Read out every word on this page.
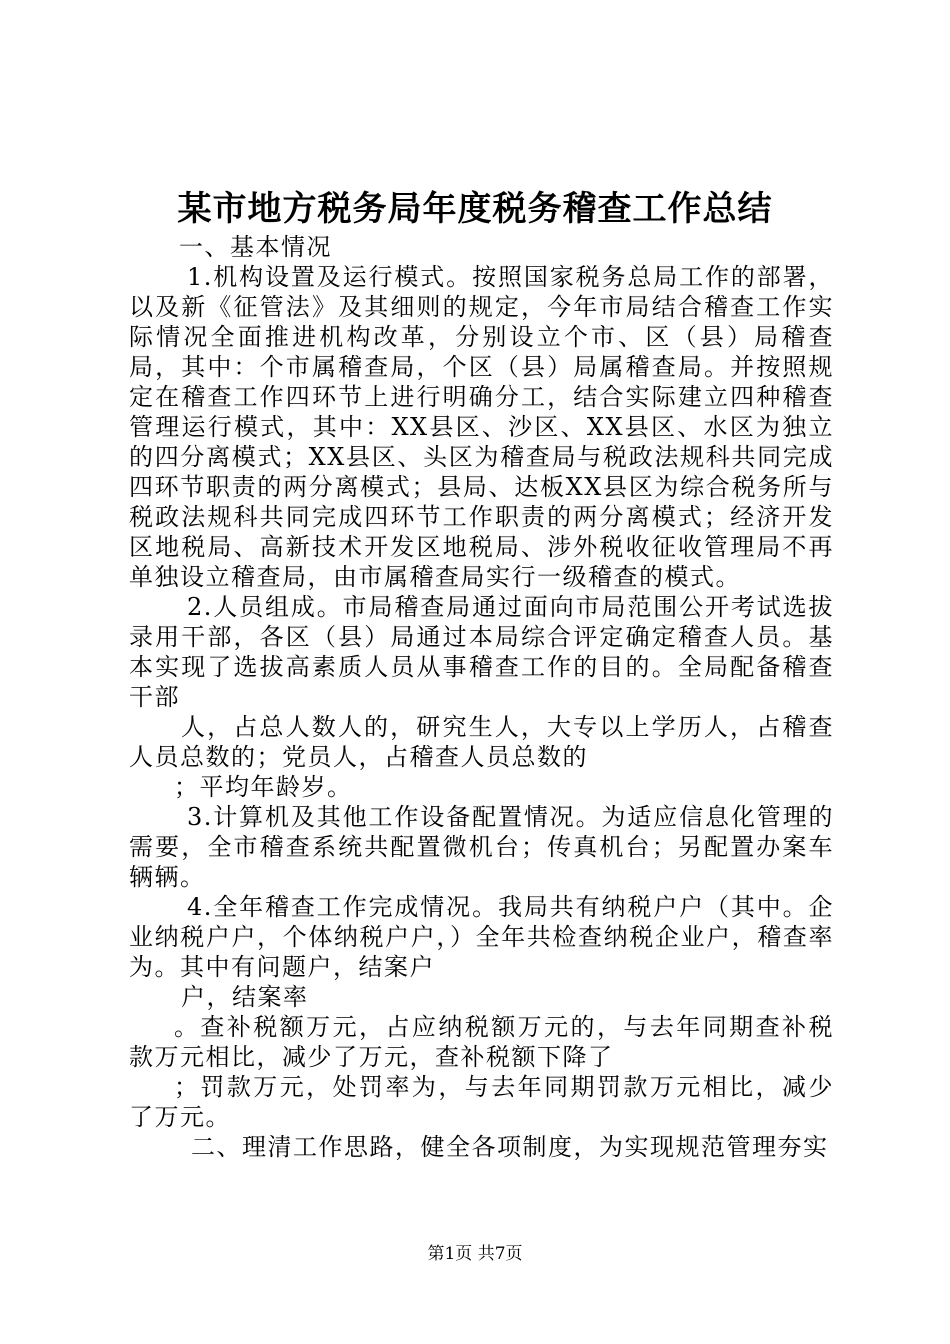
某市地方税务局年度税务稽查工作总结

一、基本情况

1.机构设置及运行模式。按照国家税务总局工作的部署，以及新《征管法》及其细则的规定，今年市局结合稽查工作实际情况全面推进机构改革，分别设立个市、区（县）局稽查局，其中：个市属稽查局，个区（县）局属稽查局。并按照规定在稽查工作四环节上进行明确分工，结合实际建立四种稽查管理运行模式，其中：XX县区、沙区、XX县区、水区为独立的四分离模式；XX县区、头区为稽查局与税政法规科共同完成四环节职责的两分离模式；县局、达板XX县区为综合税务所与税政法规科共同完成四环节工作职责的两分离模式；经济开发区地税局、高新技术开发区地税局、涉外税收征收管理局不再单独设立稽查局，由市属稽查局实行一级稽查的模式。

2.人员组成。市局稽查局通过面向市局范围公开考试选拔录用干部，各区（县）局通过本局综合评定确定稽查人员。基本实现了选拔高素质人员从事稽查工作的目的。全局配备稽查干部

人，占总人数人的，研究生人，大专以上学历人，占稽查人员总数的；党员人，占稽查人员总数的

；平均年龄岁。

3.计算机及其他工作设备配置情况。为适应信息化管理的需要，全市稽查系统共配置微机台；传真机台；另配置办案车辆辆。

4.全年稽查工作完成情况。我局共有纳税户户（其中。企业纳税户户，个体纳税户户，）全年共检查纳税企业户，稽查率为。其中有问题户，结案户

户，结案率

。查补税额万元，占应纳税额万元的，与去年同期查补税款万元相比，减少了万元，查补税额下降了

；罚款万元，处罚率为，与去年同期罚款万元相比，减少了万元。

二、理清工作思路，健全各项制度，为实现规范管理夯实

第1页 共7页
